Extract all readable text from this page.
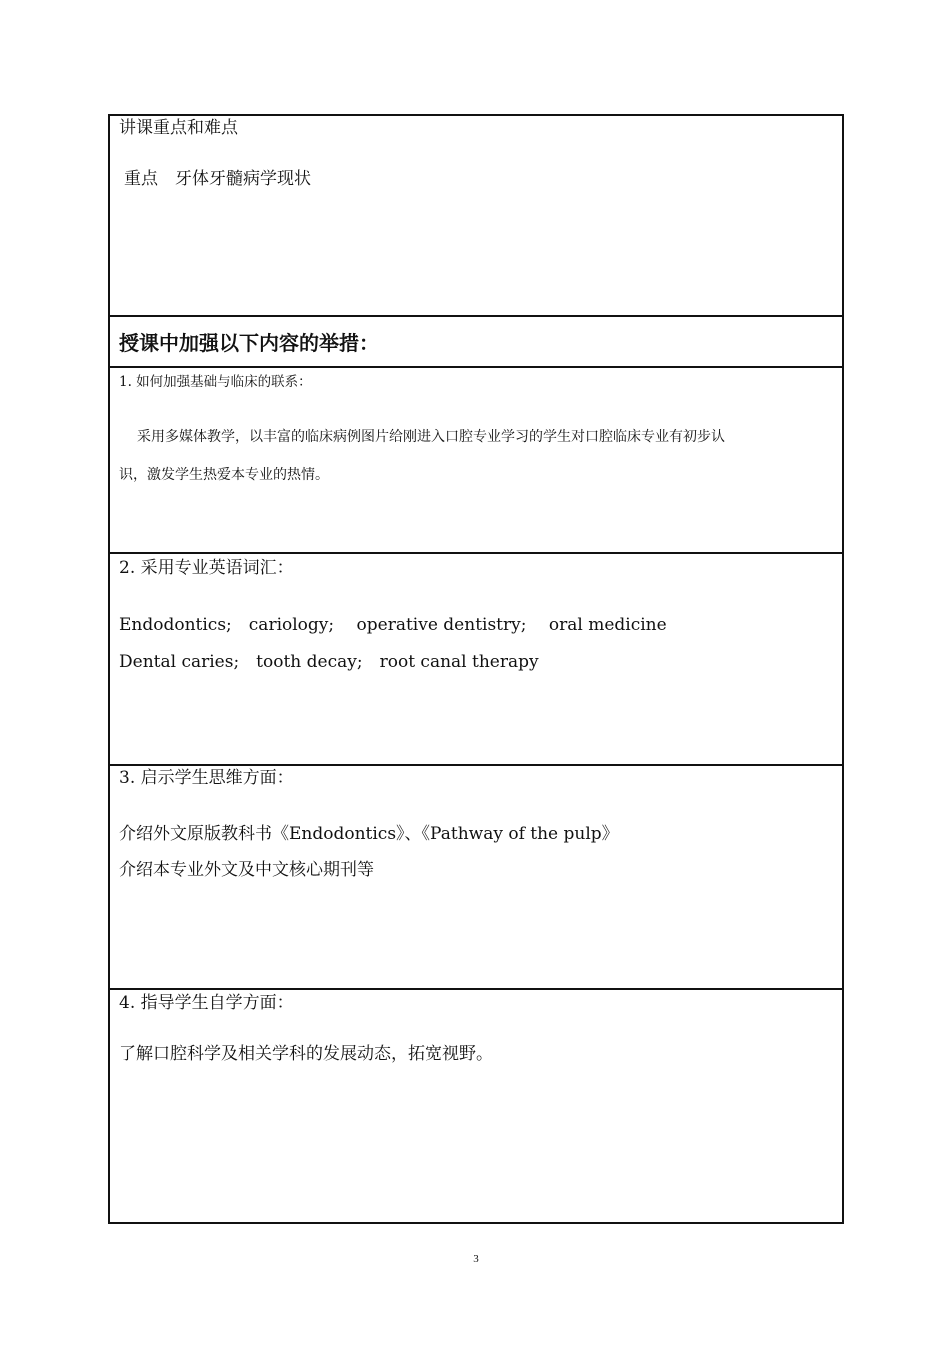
讲课重点和难点
重点　牙体牙髓病学现状
授课中加强以下内容的举措：
1. 如何加强基础与临床的联系：
采用多媒体教学，以丰富的临床病例图片给刚进入口腔专业学习的学生对口腔临床专业有初步认
识，激发学生热爱本专业的热情。
2. 采用专业英语词汇：
Endodontics;　cariology;　 operative dentistry;　 oral medicine
Dental caries;　tooth decay;　root canal therapy
3. 启示学生思维方面：
介绍外文原版教科书《Endodontics》、《Pathway of the pulp》
介绍本专业外文及中文核心期刊等
4. 指导学生自学方面：
了解口腔科学及相关学科的发展动态，拓宽视野。
3
